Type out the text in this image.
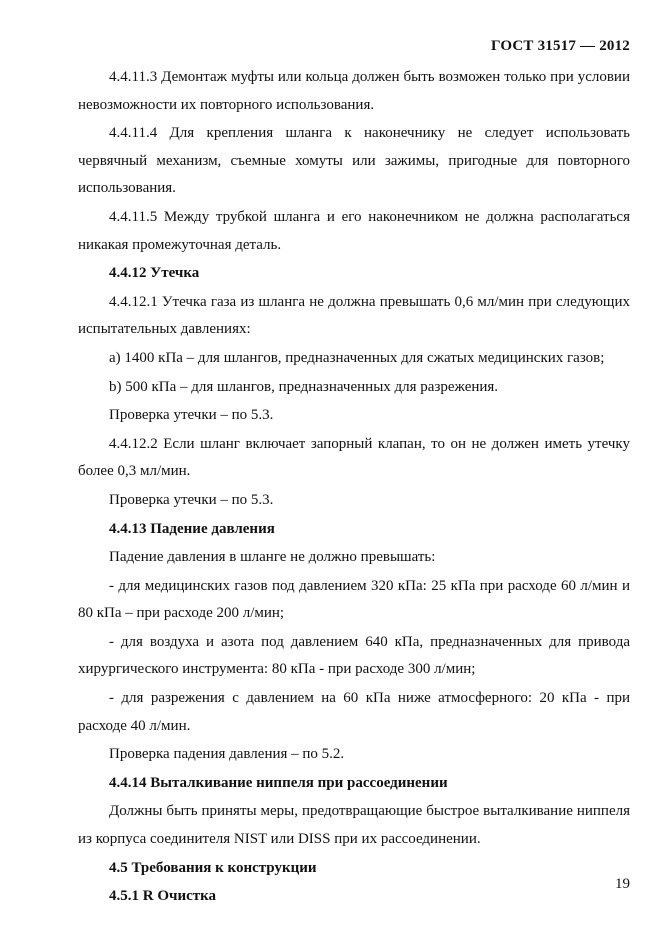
ГОСТ 31517 — 2012

4.4.11.3 Демонтаж муфты или кольца должен быть возможен только при условии невозможности их повторного использования.

4.4.11.4 Для крепления шланга к наконечнику не следует использовать червячный механизм, съемные хомуты или зажимы, пригодные для повторного использования.

4.4.11.5 Между трубкой шланга и его наконечником не должна располагаться никакая промежуточная деталь.

4.4.12 Утечка

4.4.12.1 Утечка газа из шланга не должна превышать 0,6 мл/мин при следующих испытательных давлениях:

a) 1400 кПа – для шлангов, предназначенных для сжатых медицинских газов;

b) 500 кПа – для шлангов, предназначенных для разрежения.

Проверка утечки – по 5.3.

4.4.12.2 Если шланг включает запорный клапан, то он не должен иметь утечку более 0,3 мл/мин.

Проверка утечки – по 5.3.

4.4.13 Падение давления

Падение давления в шланге не должно превышать:

- для медицинских газов под давлением 320 кПа: 25 кПа при расходе 60 л/мин и 80 кПа – при расходе 200 л/мин;

- для воздуха и азота под давлением 640 кПа, предназначенных для привода хирургического инструмента: 80 кПа - при расходе 300 л/мин;

- для разрежения с давлением на 60 кПа ниже атмосферного: 20 кПа - при расходе 40 л/мин.

Проверка падения давления – по 5.2.

4.4.14 Выталкивание ниппеля при рассоединении

Должны быть приняты меры, предотвращающие быстрое выталкивание ниппеля из корпуса соединителя NIST или DISS при их рассоединении.

4.5 Требования к конструкции

4.5.1 R Очистка

19
